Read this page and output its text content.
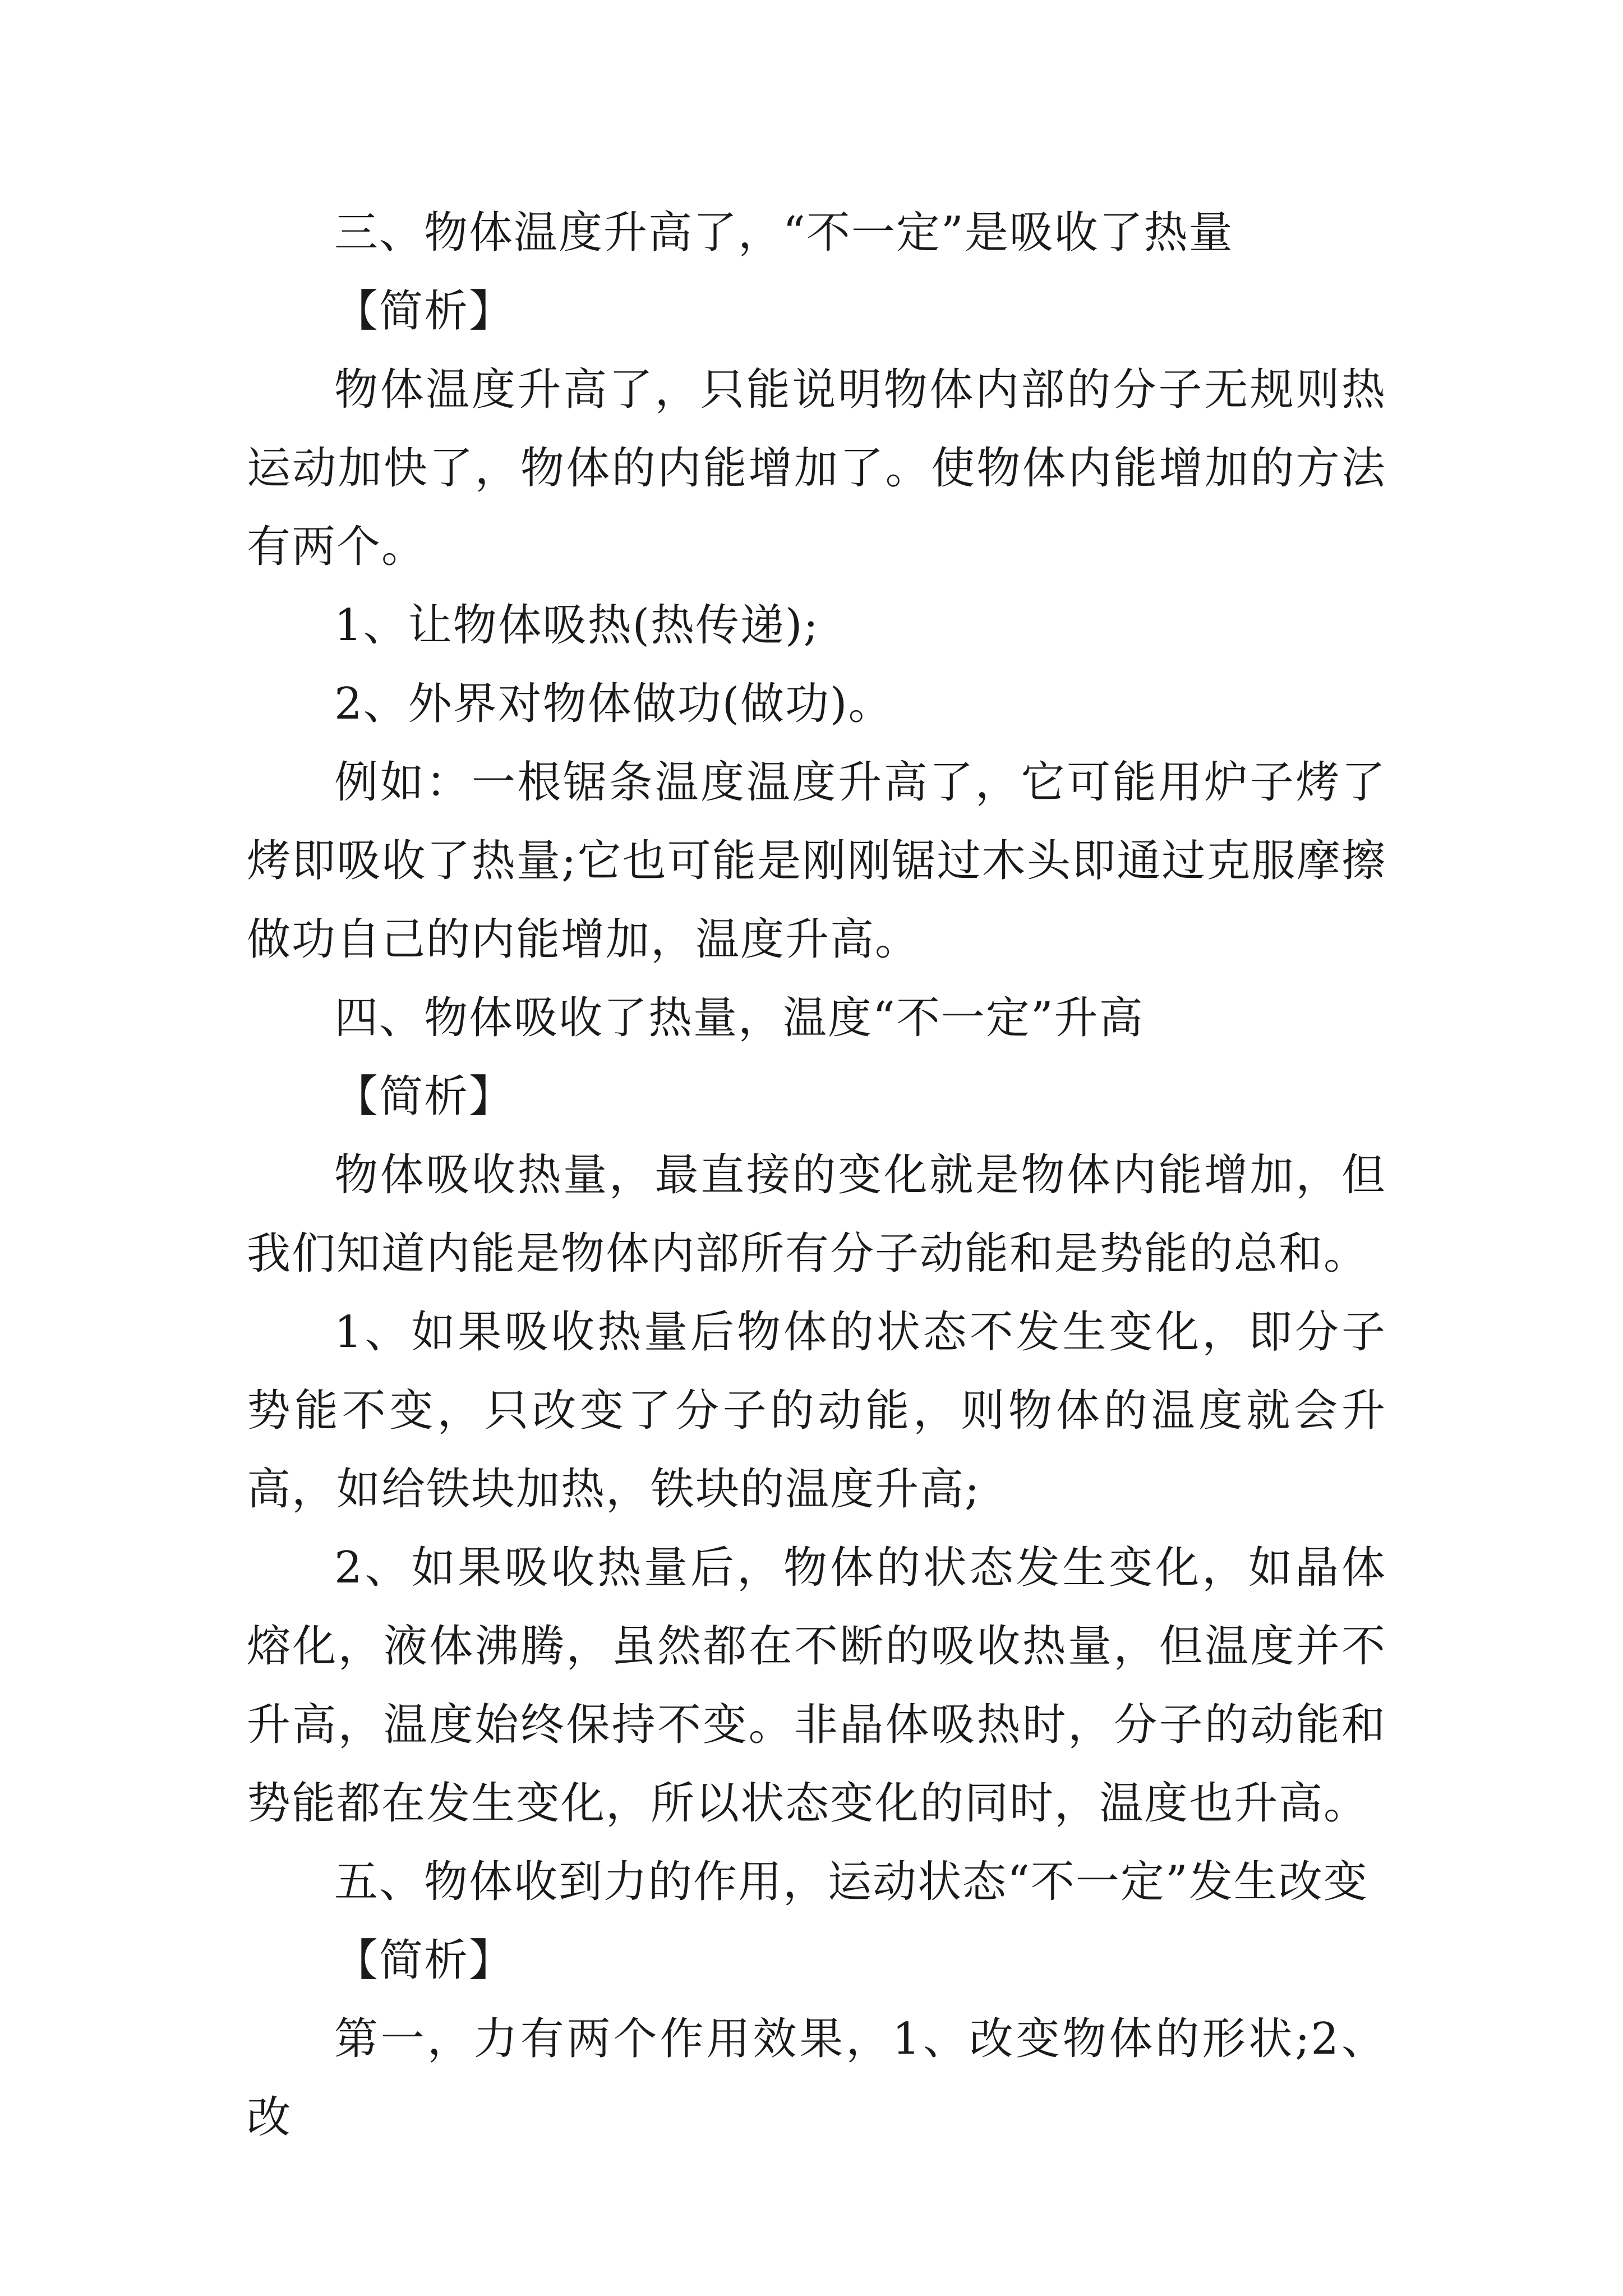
三、物体温度升高了，“不一定”是吸收了热量

【简析】

物体温度升高了，只能说明物体内部的分子无规则热运动加快了，物体的内能增加了。使物体内能增加的方法有两个。

1、让物体吸热(热传递);

2、外界对物体做功(做功)。

例如：一根锯条温度温度升高了，它可能用炉子烤了烤即吸收了热量;它也可能是刚刚锯过木头即通过克服摩擦做功自己的内能增加，温度升高。

四、物体吸收了热量，温度“不一定”升高

【简析】

物体吸收热量，最直接的变化就是物体内能增加，但我们知道内能是物体内部所有分子动能和是势能的总和。

1、如果吸收热量后物体的状态不发生变化，即分子势能不变，只改变了分子的动能，则物体的温度就会升高，如给铁块加热，铁块的温度升高;

2、如果吸收热量后，物体的状态发生变化，如晶体熔化，液体沸腾，虽然都在不断的吸收热量，但温度并不升高，温度始终保持不变。非晶体吸热时，分子的动能和势能都在发生变化，所以状态变化的同时，温度也升高。

五、物体收到力的作用，运动状态“不一定”发生改变

【简析】

第一，力有两个作用效果，1、改变物体的形状;2、改
